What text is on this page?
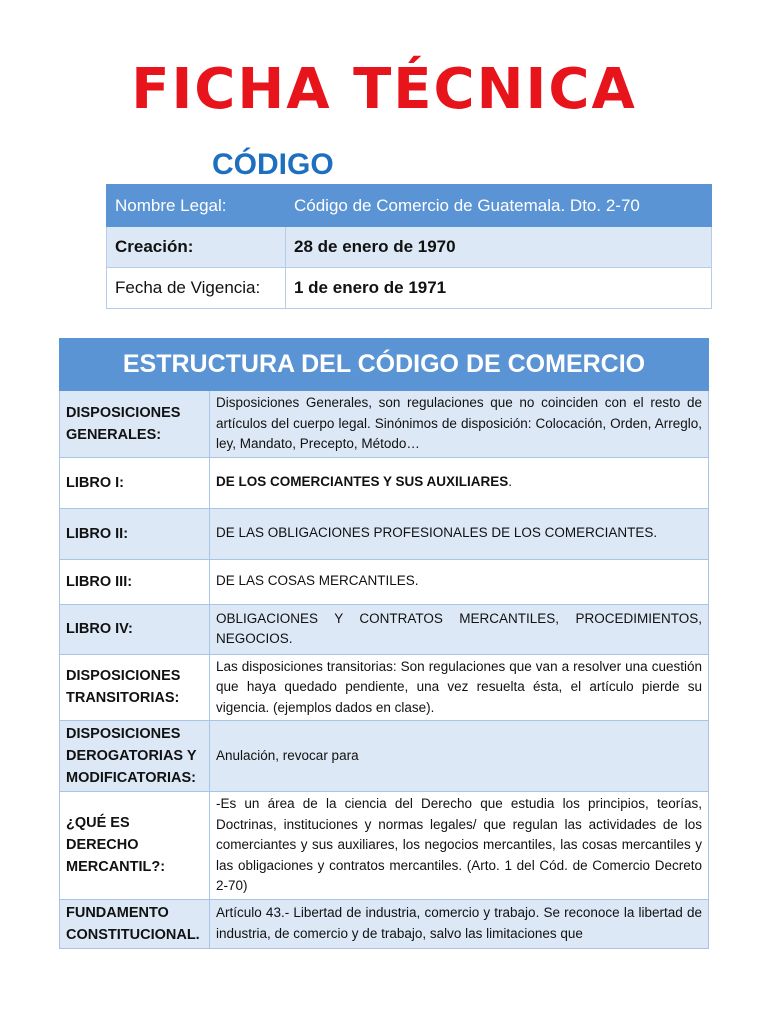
FICHA TÉCNICA
CÓDIGO
Nombre Legal:	Código de Comercio de Guatemala. Dto. 2-70
Creación:	28 de enero de 1970
Fecha de Vigencia:	1 de enero de 1971
ESTRUCTURA DEL CÓDIGO DE COMERCIO	
DISPOSICIONES GENERALES:	Disposiciones Generales, son regulaciones que no coinciden con el resto de artículos del cuerpo legal. Sinónimos de disposición: Colocación, Orden, Arreglo, ley, Mandato, Precepto, Método…
LIBRO I:	DE LOS COMERCIANTES Y SUS AUXILIARES.
LIBRO II:	DE LAS OBLIGACIONES PROFESIONALES DE LOS COMERCIANTES.
LIBRO III:	DE LAS COSAS MERCANTILES.
LIBRO IV:	OBLIGACIONES Y CONTRATOS MERCANTILES, PROCEDIMIENTOS, NEGOCIOS.
DISPOSICIONES TRANSITORIAS:	Las disposiciones transitorias: Son regulaciones que van a resolver una cuestión que haya quedado pendiente, una vez resuelta ésta, el artículo pierde su vigencia. (ejemplos dados en clase).
DISPOSICIONES DEROGATORIAS Y MODIFICATORIAS:	Anulación, revocar para
¿QUÉ ES DERECHO MERCANTIL?:	-Es un área de la ciencia del Derecho que estudia los principios, teorías, Doctrinas, instituciones y normas legales/ que regulan las actividades de los comerciantes y sus auxiliares, los negocios mercantiles, las cosas mercantiles y las obligaciones y contratos mercantiles. (Arto. 1 del Cód. de Comercio Decreto 2-70)
FUNDAMENTO CONSTITUCIONAL.	Artículo 43.- Libertad de industria, comercio y trabajo. Se reconoce la libertad de industria, de comercio y de trabajo, salvo las limitaciones que
